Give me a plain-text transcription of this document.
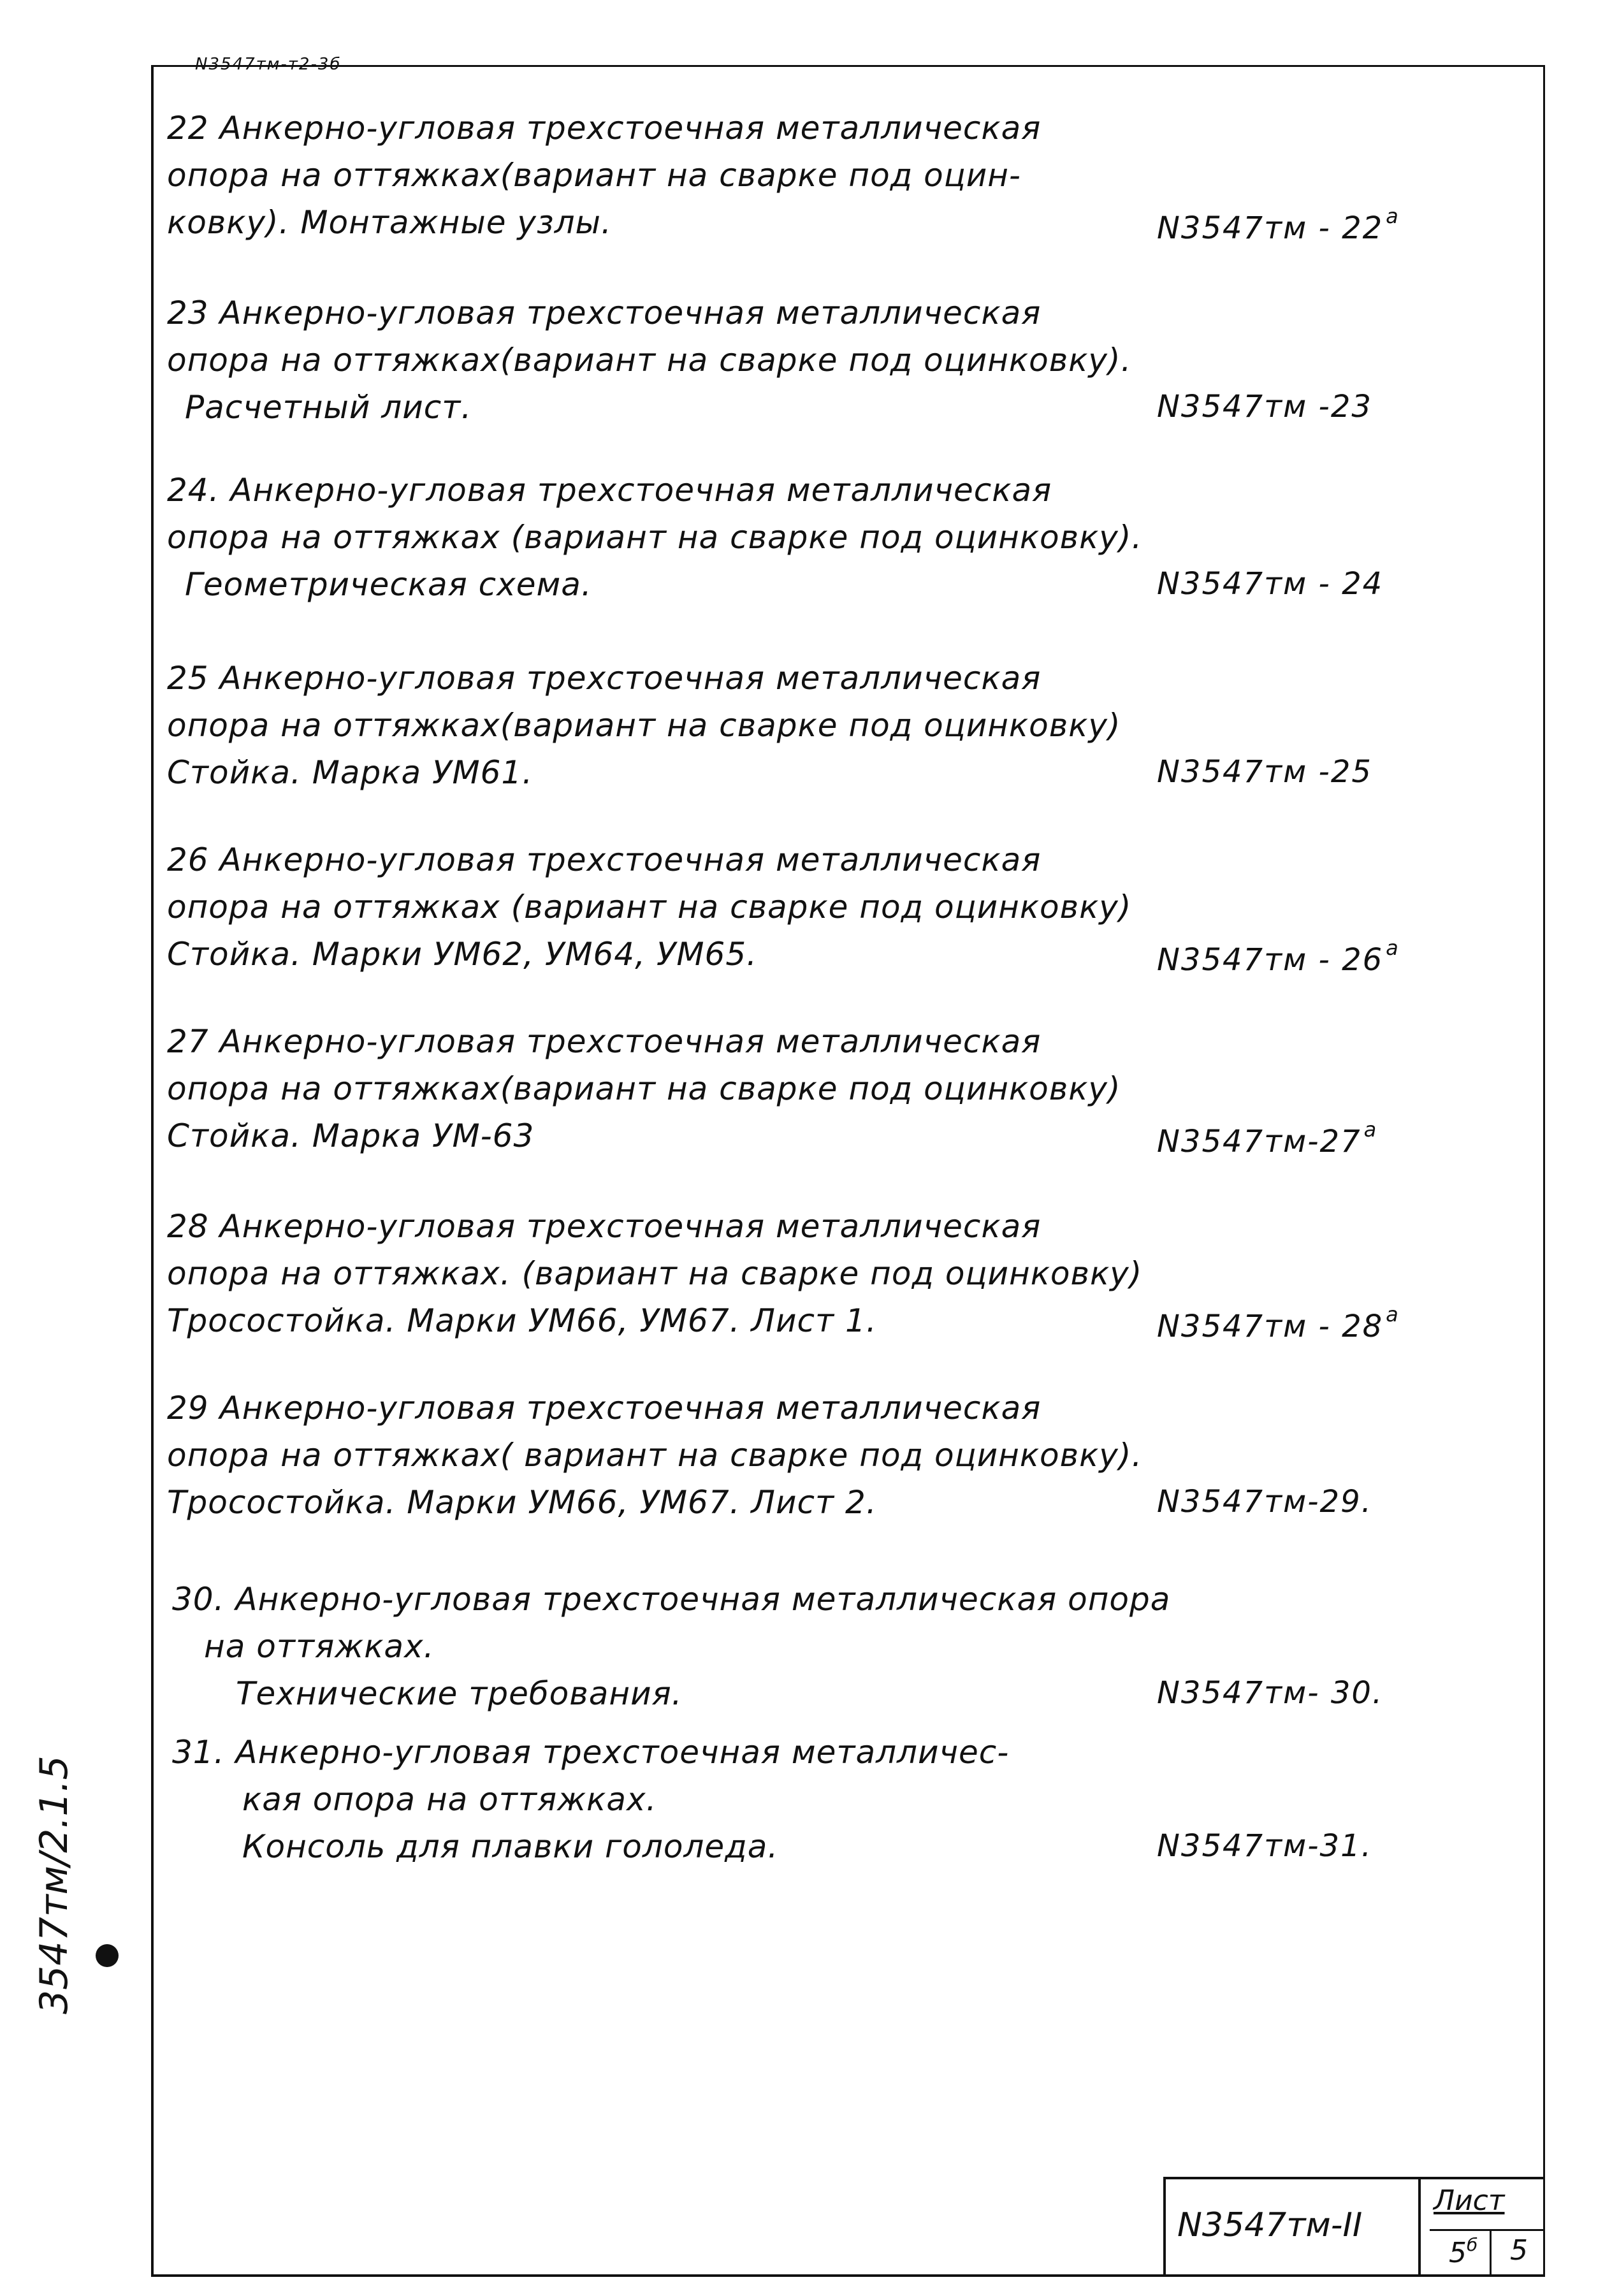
N3547тм-т2-3б
22 Анкерно-угловая трехстоечная металлическая
опора на оттяжках(вариант на сварке под оцин-
ковку). Монтажные узлы.	N3547тм - 22 $^а$
23 Анкерно-угловая трехстоечная металлическая
опора на оттяжках(вариант на сварке под оцинковку).
Расчетный лист.	N3547тм -23
24. Анкерно-угловая трехстоечная металлическая
опора на оттяжках (вариант на сварке под оцинковку).
Геометрическая схема.	N3547тм - 24
25 Анкерно-угловая трехстоечная металлическая
опора на оттяжках(вариант на сварке под оцинковку)
Стойка. Марка УМ61.	N3547тм -25
26 Анкерно-угловая трехстоечная металлическая
опора на оттяжках (вариант на сварке под оцинковку)
Стойка. Марки УМ62, УМ64, УМ65.	N3547тм - 26 $^а$
27 Анкерно-угловая трехстоечная металлическая
опора на оттяжках(вариант на сварке под оцинковку)
Стойка. Марка УМ-63	N3547тм-27 $^а$
28 Анкерно-угловая трехстоечная металлическая
опора на оттяжках. (вариант на сварке под оцинковку)
Тросостойка. Марки УМ66, УМ67. Лист 1.	N3547тм - 28 $^а$
29 Анкерно-угловая трехстоечная металлическая
опора на оттяжках( вариант на сварке под оцинковку).
Тросостойка. Марки УМ66, УМ67. Лист 2.	N3547тм-29.
30. Анкерно-угловая трехстоечная металлическая опора
на оттяжках.
Технические требования.	N3547тм- 30.
31. Анкерно-угловая трехстоечная металличес-
кая опора на оттяжках.
Консоль для плавки гололеда.	N3547тм-31.
3547тм/2.1.5
N3547тм-II
Лист
$5^б$ 5
